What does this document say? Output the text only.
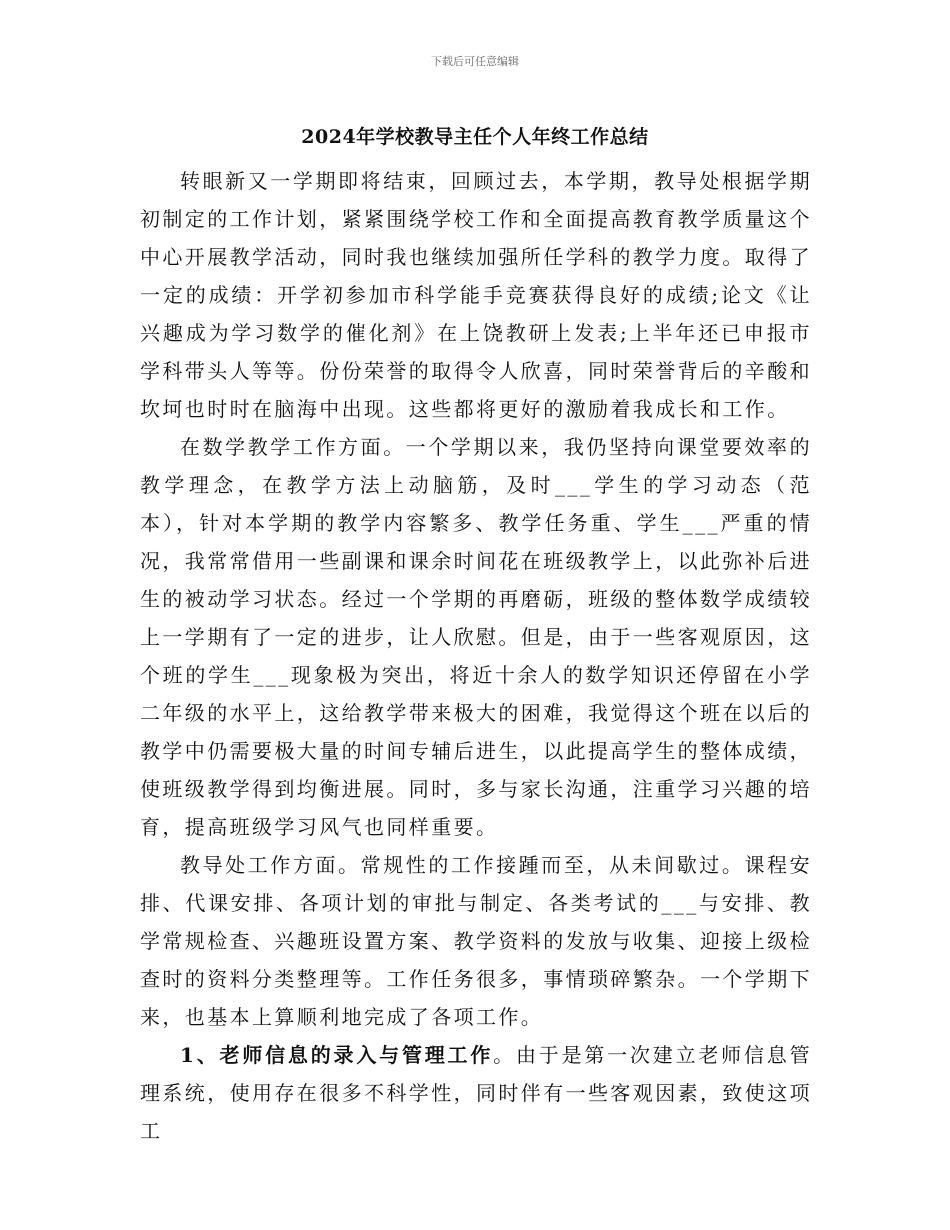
下载后可任意编辑
2024年学校教导主任个人年终工作总结

转眼新又一学期即将结束，回顾过去，本学期，教导处根据学期初制定的工作计划，紧紧围绕学校工作和全面提高教育教学质量这个中心开展教学活动，同时我也继续加强所任学科的教学力度。取得了一定的成绩：开学初参加市科学能手竞赛获得良好的成绩;论文《让兴趣成为学习数学的催化剂》在上饶教研上发表;上半年还已申报市学科带头人等等。份份荣誉的取得令人欣喜，同时荣誉背后的辛酸和坎坷也时时在脑海中出现。这些都将更好的激励着我成长和工作。

在数学教学工作方面。一个学期以来，我仍坚持向课堂要效率的教学理念，在教学方法上动脑筋，及时___学生的学习动态（范本），针对本学期的教学内容繁多、教学任务重、学生___严重的情况，我常常借用一些副课和课余时间花在班级教学上，以此弥补后进生的被动学习状态。经过一个学期的再磨砺，班级的整体数学成绩较上一学期有了一定的进步，让人欣慰。但是，由于一些客观原因，这个班的学生___现象极为突出，将近十余人的数学知识还停留在小学二年级的水平上，这给教学带来极大的困难，我觉得这个班在以后的教学中仍需要极大量的时间专辅后进生，以此提高学生的整体成绩，使班级教学得到均衡进展。同时，多与家长沟通，注重学习兴趣的培育，提高班级学习风气也同样重要。

教导处工作方面。常规性的工作接踵而至，从未间歇过。课程安排、代课安排、各项计划的审批与制定、各类考试的___与安排、教学常规检查、兴趣班设置方案、教学资料的发放与收集、迎接上级检查时的资料分类整理等。工作任务很多，事情琐碎繁杂。一个学期下来，也基本上算顺利地完成了各项工作。

1、老师信息的录入与管理工作。由于是第一次建立老师信息管理系统，使用存在很多不科学性，同时伴有一些客观因素，致使这项工
